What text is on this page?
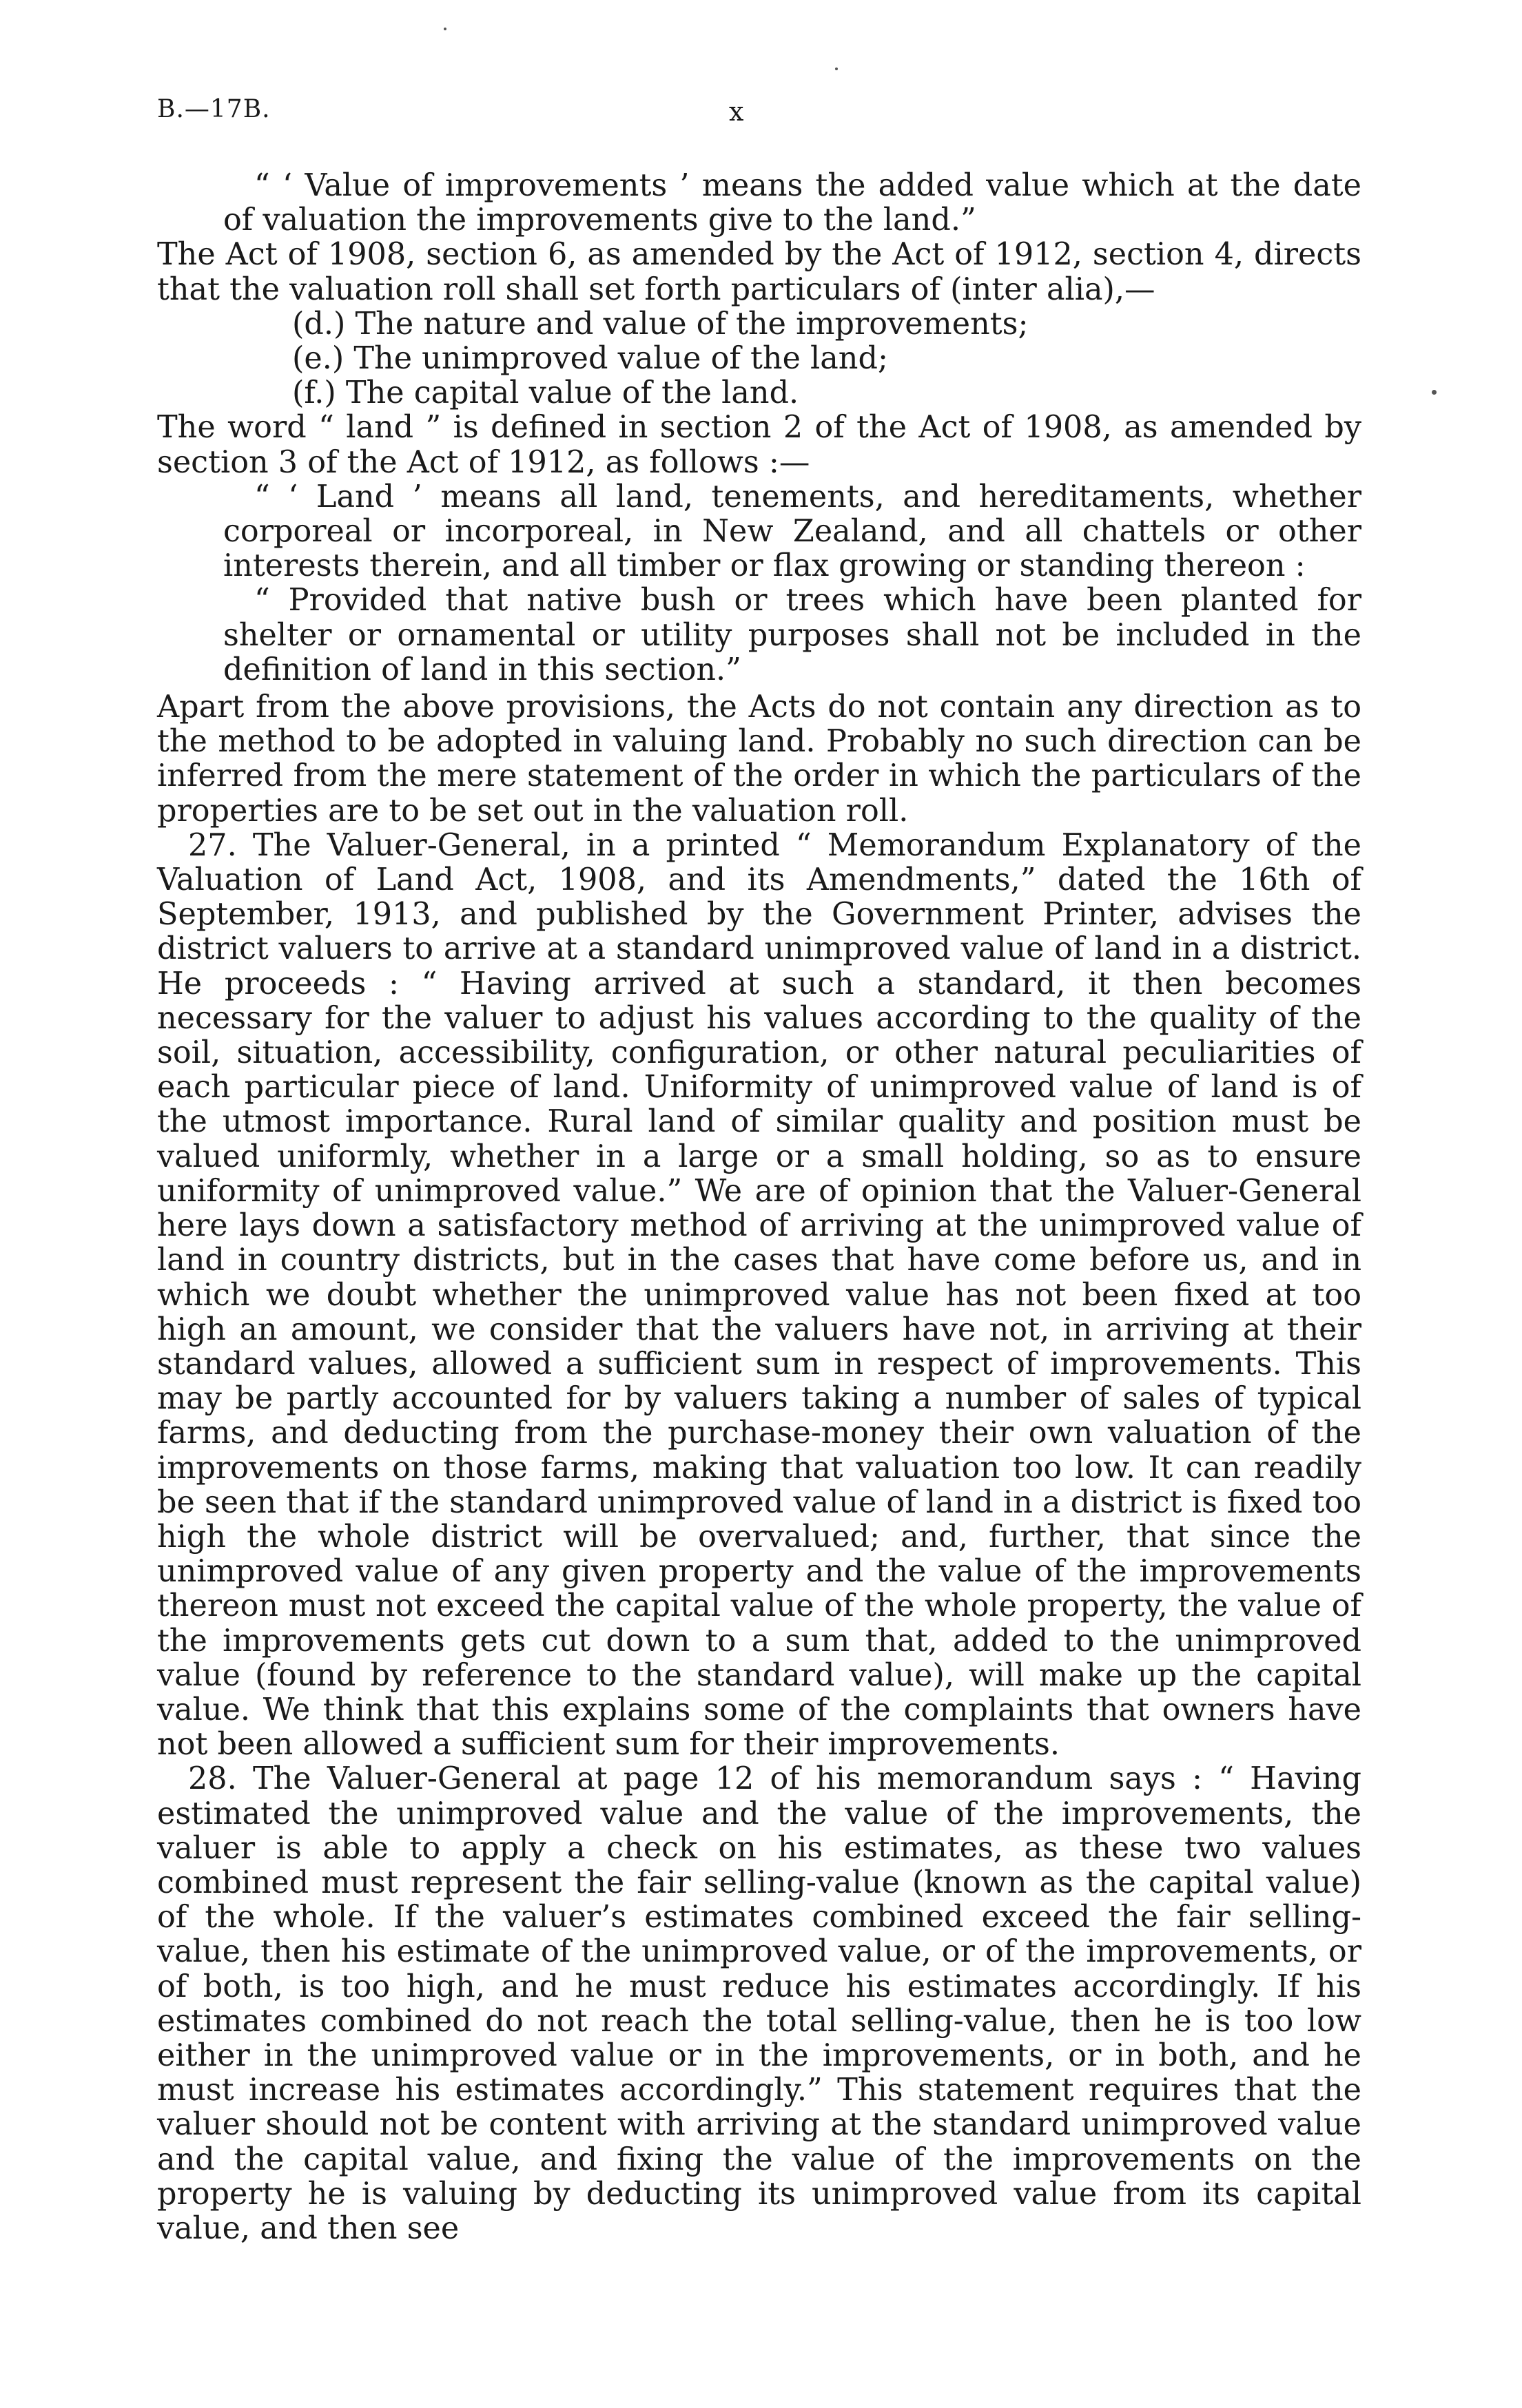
B.—17B.	x

“ ‘ Value of improvements ’ means the added value which at the date of valuation the improvements give to the land.”

The Act of 1908, section 6, as amended by the Act of 1912, section 4, directs that the valuation roll shall set forth particulars of (inter alia),—

(d.) The nature and value of the improvements;

(e.) The unimproved value of the land;

(f.) The capital value of the land.

The word “ land ” is defined in section 2 of the Act of 1908, as amended by section 3 of the Act of 1912, as follows :—

“ ‘ Land ’ means all land, tenements, and hereditaments, whether corporeal or incorporeal, in New Zealand, and all chattels or other interests therein, and all timber or flax growing or standing thereon :

“ Provided that native bush or trees which have been planted for shelter or ornamental or utility purposes shall not be included in the definition of land in this section.”

Apart from the above provisions, the Acts do not contain any direction as to the method to be adopted in valuing land. Probably no such direction can be inferred from the mere statement of the order in which the particulars of the properties are to be set out in the valuation roll.

27. The Valuer-General, in a printed “ Memorandum Explanatory of the Valuation of Land Act, 1908, and its Amendments,” dated the 16th of September, 1913, and published by the Government Printer, advises the district valuers to arrive at a standard unimproved value of land in a district. He proceeds : “ Having arrived at such a standard, it then becomes necessary for the valuer to adjust his values according to the quality of the soil, situation, accessibility, configuration, or other natural peculiarities of each particular piece of land. Uniformity of unimproved value of land is of the utmost importance. Rural land of similar quality and position must be valued uniformly, whether in a large or a small holding, so as to ensure uniformity of unimproved value.” We are of opinion that the Valuer-General here lays down a satisfactory method of arriving at the unimproved value of land in country districts, but in the cases that have come before us, and in which we doubt whether the unimproved value has not been fixed at too high an amount, we consider that the valuers have not, in arriving at their standard values, allowed a sufficient sum in respect of improvements. This may be partly accounted for by valuers taking a number of sales of typical farms, and deducting from the purchase-money their own valuation of the improvements on those farms, making that valuation too low. It can readily be seen that if the standard unimproved value of land in a district is fixed too high the whole district will be overvalued; and, further, that since the unimproved value of any given property and the value of the improvements thereon must not exceed the capital value of the whole property, the value of the improvements gets cut down to a sum that, added to the unimproved value (found by reference to the standard value), will make up the capital value. We think that this explains some of the complaints that owners have not been allowed a sufficient sum for their improvements.

28. The Valuer-General at page 12 of his memorandum says : “ Having estimated the unimproved value and the value of the improvements, the valuer is able to apply a check on his estimates, as these two values combined must represent the fair selling-value (known as the capital value) of the whole. If the valuer’s estimates combined exceed the fair selling-value, then his estimate of the unimproved value, or of the improvements, or of both, is too high, and he must reduce his estimates accordingly. If his estimates combined do not reach the total selling-value, then he is too low either in the unimproved value or in the improvements, or in both, and he must increase his estimates accordingly.” This statement requires that the valuer should not be content with arriving at the standard unimproved value and the capital value, and fixing the value of the improvements on the property he is valuing by deducting its unimproved value from its capital value, and then see
